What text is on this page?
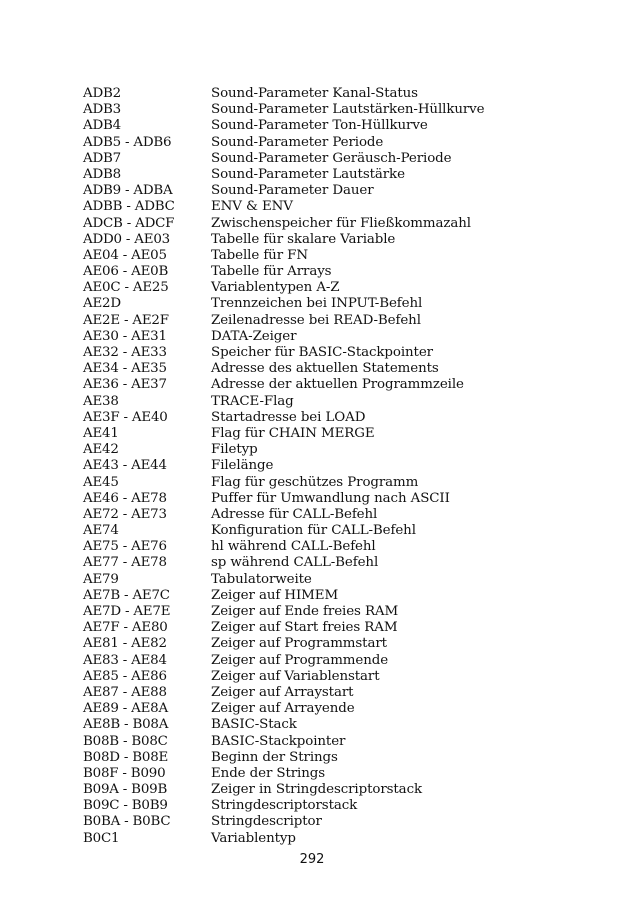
ADB2	Sound-Parameter Kanal-Status
ADB3	Sound-Parameter Lautstärken-Hüllkurve
ADB4	Sound-Parameter Ton-Hüllkurve
ADB5 - ADB6	Sound-Parameter Periode
ADB7	Sound-Parameter Geräusch-Periode
ADB8	Sound-Parameter Lautstärke
ADB9 - ADBA	Sound-Parameter Dauer
ADBB - ADBC	ENV & ENV
ADCB - ADCF	Zwischenspeicher für Fließkommazahl
ADD0 - AE03	Tabelle für skalare Variable
AE04 - AE05	Tabelle für FN
AE06 - AE0B	Tabelle für Arrays
AE0C - AE25	Variablentypen A-Z
AE2D	Trennzeichen bei INPUT-Befehl
AE2E - AE2F	Zeilenadresse bei READ-Befehl
AE30 - AE31	DATA-Zeiger
AE32 - AE33	Speicher für BASIC-Stackpointer
AE34 - AE35	Adresse des aktuellen Statements
AE36 - AE37	Adresse der aktuellen Programmzeile
AE38	TRACE-Flag
AE3F - AE40	Startadresse bei LOAD
AE41	Flag für CHAIN MERGE
AE42	Filetyp
AE43 - AE44	Filelänge
AE45	Flag für geschützes Programm
AE46 - AE78	Puffer für Umwandlung nach ASCII
AE72 - AE73	Adresse für CALL-Befehl
AE74	Konfiguration für CALL-Befehl
AE75 - AE76	hl während CALL-Befehl
AE77 - AE78	sp während CALL-Befehl
AE79	Tabulatorweite
AE7B - AE7C	Zeiger auf HIMEM
AE7D - AE7E	Zeiger auf Ende freies RAM
AE7F - AE80	Zeiger auf Start freies RAM
AE81 - AE82	Zeiger auf Programmstart
AE83 - AE84	Zeiger auf Programmende
AE85 - AE86	Zeiger auf Variablenstart
AE87 - AE88	Zeiger auf Arraystart
AE89 - AE8A	Zeiger auf Arrayende
AE8B - B08A	BASIC-Stack
B08B - B08C	BASIC-Stackpointer
B08D - B08E	Beginn der Strings
B08F - B090	Ende der Strings
B09A - B09B	Zeiger in Stringdescriptorstack
B09C - B0B9	Stringdescriptorstack
B0BA - B0BC	Stringdescriptor
B0C1	Variablentyp
292
